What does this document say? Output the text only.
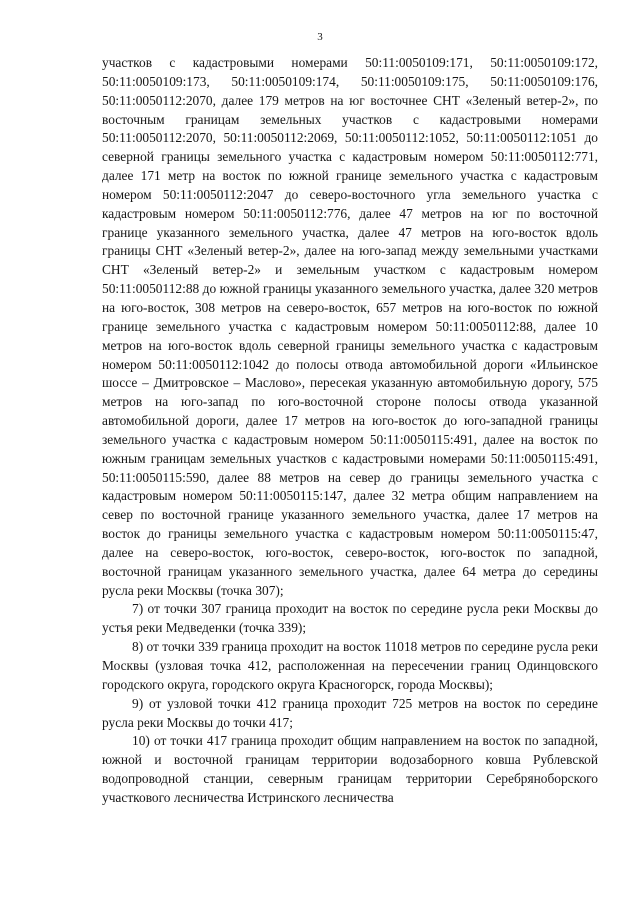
3

участков с кадастровыми номерами 50:11:0050109:171, 50:11:0050109:172, 50:11:0050109:173, 50:11:0050109:174, 50:11:0050109:175, 50:11:0050109:176, 50:11:0050112:2070, далее 179 метров на юг восточнее СНТ «Зеленый ветер-2», по восточным границам земельных участков с кадастровыми номерами 50:11:0050112:2070, 50:11:0050112:2069, 50:11:0050112:1052, 50:11:0050112:1051 до северной границы земельного участка с кадастровым номером 50:11:0050112:771, далее 171 метр на восток по южной границе земельного участка с кадастровым номером 50:11:0050112:2047 до северо-восточного угла земельного участка с кадастровым номером 50:11:0050112:776, далее 47 метров на юг по восточной границе указанного земельного участка, далее 47 метров на юго-восток вдоль границы СНТ «Зеленый ветер-2», далее на юго-запад между земельными участками СНТ «Зеленый ветер-2» и земельным участком с кадастровым номером 50:11:0050112:88 до южной границы указанного земельного участка, далее 320 метров на юго-восток, 308 метров на северо-восток, 657 метров на юго-восток по южной границе земельного участка с кадастровым номером 50:11:0050112:88, далее 10 метров на юго-восток вдоль северной границы земельного участка с кадастровым номером 50:11:0050112:1042 до полосы отвода автомобильной дороги «Ильинское шоссе – Дмитровское – Маслово», пересекая указанную автомобильную дорогу, 575 метров на юго-запад по юго-восточной стороне полосы отвода указанной автомобильной дороги, далее 17 метров на юго-восток до юго-западной границы земельного участка с кадастровым номером 50:11:0050115:491, далее на восток по южным границам земельных участков с кадастровыми номерами 50:11:0050115:491, 50:11:0050115:590, далее 88 метров на север до границы земельного участка с кадастровым номером 50:11:0050115:147, далее 32 метра общим направлением на север по восточной границе указанного земельного участка, далее 17 метров на восток до границы земельного участка с кадастровым номером 50:11:0050115:47, далее на северо-восток, юго-восток, северо-восток, юго-восток по западной, восточной границам указанного земельного участка, далее 64 метра до середины русла реки Москвы (точка 307);

7) от точки 307 граница проходит на восток по середине русла реки Москвы до устья реки Медведенки (точка 339);

8) от точки 339 граница проходит на восток 11018 метров по середине русла реки Москвы (узловая точка 412, расположенная на пересечении границ Одинцовского городского округа, городского округа Красногорск, города Москвы);

9) от узловой точки 412 граница проходит 725 метров на восток по середине русла реки Москвы до точки 417;

10) от точки 417 граница проходит общим направлением на восток по западной, южной и восточной границам территории водозаборного ковша Рублевской водопроводной станции, северным границам территории Серебряноборского участкового лесничества Истринского лесничества
